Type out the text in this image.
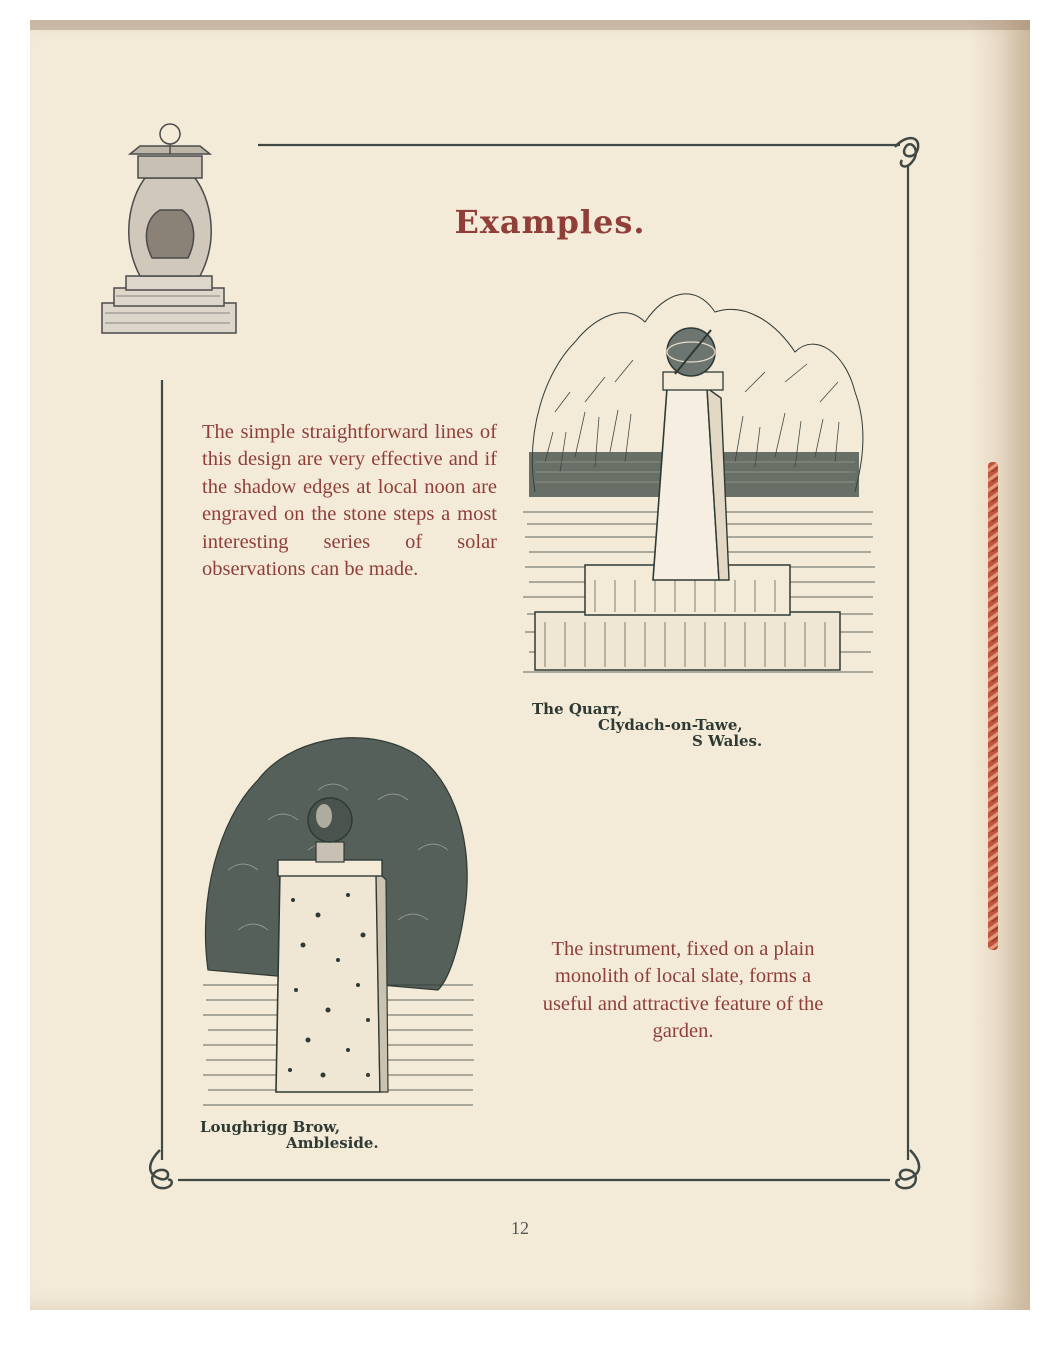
Examples.

The simple straightforward lines of this design are very effective and if the shadow edges at local noon are engraved on the stone steps a most interesting series of solar observations can be made.

The Quarr,
Clydach-on-Tawe,
S Wales.
Loughrigg Brow,
Ambleside.

The instrument, fixed on a plain monolith of local slate, forms a useful and attractive feature of the garden.

12
